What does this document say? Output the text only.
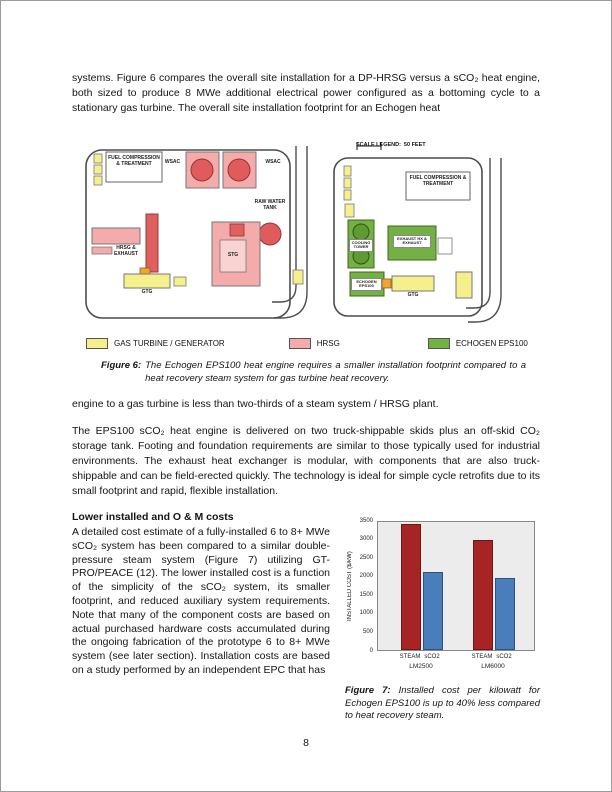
systems. Figure 6 compares the overall site installation for a DP-HRSG versus a sCO₂ heat engine, both sized to produce 8 MWe additional electrical power configured as a bottoming cycle to a stationary gas turbine. The overall site installation footprint for an Echogen heat

FUEL COMPRESSION & TREATMENT	WSAC	WSAC
RAW WATER TANK
HRSG & EXHAUST	STG
GTG
SCALE LEGEND: 50 FEET
FUEL COMPRESSION & TREATMENT
COOLING TOWER
EXHAUST HX & EXHAUST
ECHOGEN EPS100
GTG
GAS TURBINE / GENERATOR	HRSG	ECHOGEN EPS100
Figure 6: The Echogen EPS100 heat engine requires a smaller installation footprint compared to a heat recovery steam system for gas turbine heat recovery.

engine to a gas turbine is less than two-thirds of a steam system / HRSG plant.

The EPS100 sCO₂ heat engine is delivered on two truck-shippable skids plus an off-skid CO₂ storage tank. Footing and foundation requirements are similar to those typically used for industrial environments. The exhaust heat exchanger is modular, with components that are also truck-shippable and can be field-erected quickly. The technology is ideal for simple cycle retrofits due to its small footprint and rapid, flexible installation.

Lower installed and O & M costs

A detailed cost estimate of a fully-installed 6 to 8+ MWe sCO₂ system has been compared to a similar double-pressure steam system (Figure 7) utilizing GT-PRO/PEACE (12). The lower installed cost is a function of the simplicity of the sCO₂ system, its smaller footprint, and reduced auxiliary system requirements. Note that many of the component costs are based on actual purchased hardware costs accumulated during the ongoing fabrication of the prototype 6 to 8+ MWe system (see later section). Installation costs are based on a study performed by an independent EPC that has

INSTALLED COST ($/kW)
0
500
1000
1500
2000
2500
3000
3500
STEAM sCO2
LM2500
STEAM sCO2
LM6000

Figure 7: Installed cost per kilowatt for Echogen EPS100 is up to 40% less compared to heat recovery steam.

8
